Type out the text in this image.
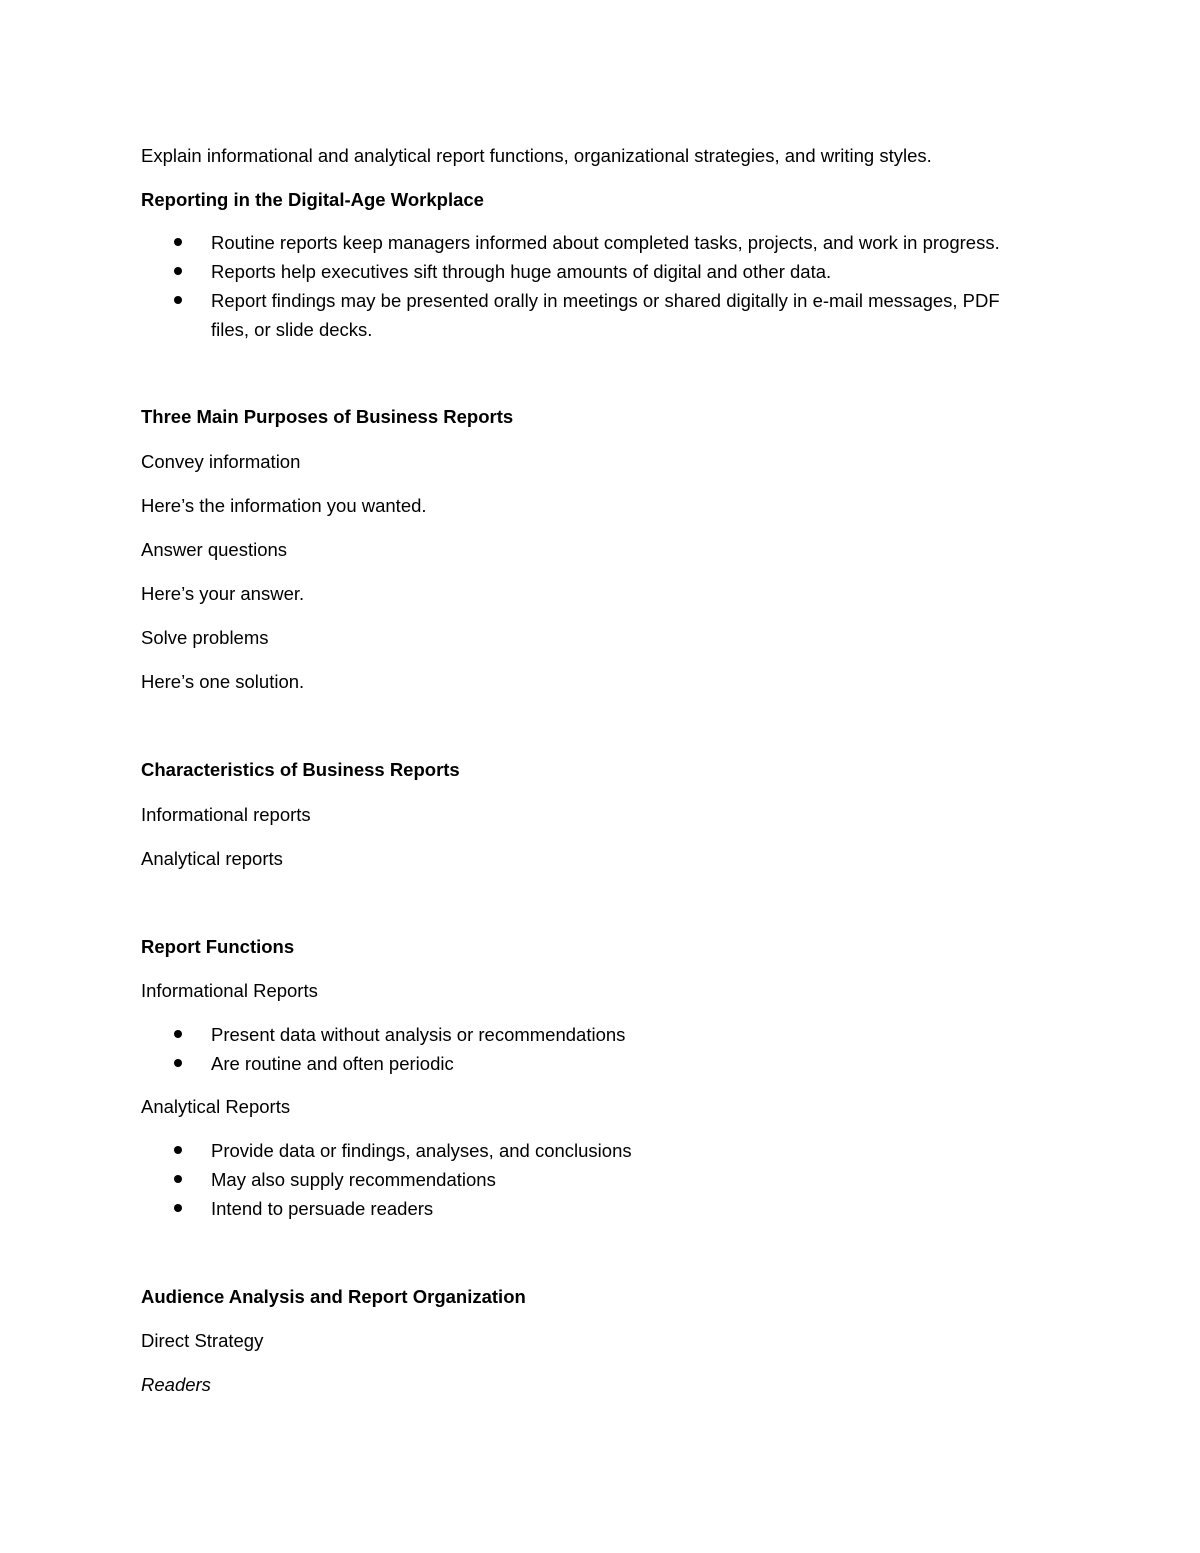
Explain informational and analytical report functions, organizational strategies, and writing styles.

Reporting in the Digital-Age Workplace

Routine reports keep managers informed about completed tasks, projects, and work in progress.

Reports help executives sift through huge amounts of digital and other data.

Report findings may be presented orally in meetings or shared digitally in e-mail messages, PDF

files, or slide decks.

Three Main Purposes of Business Reports

Convey information

Here’s the information you wanted.

Answer questions

Here’s your answer.

Solve problems

Here’s one solution.

Characteristics of Business Reports

Informational reports

Analytical reports

Report Functions

Informational Reports

Present data without analysis or recommendations

Are routine and often periodic

Analytical Reports

Provide data or findings, analyses, and conclusions

May also supply recommendations

Intend to persuade readers

Audience Analysis and Report Organization

Direct Strategy

Readers
